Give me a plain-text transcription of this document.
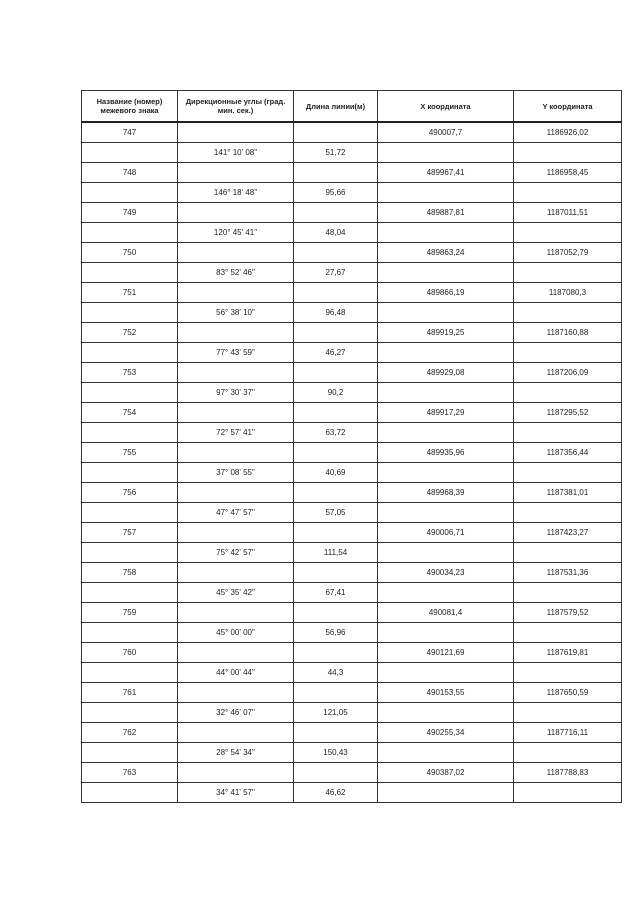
Название (номер) межевого знака	Дирекционные углы (град. мин. сек.)	Длина линии(м)	X координата	Y координата
747			490007,7	1186926,02
	141° 10' 08"	51,72		
748			489967,41	1186958,45
	146° 18' 48"	95,66		
749			489887,81	1187011,51
	120° 45' 41"	48,04		
750			489863,24	1187052,79
	83° 52' 46"	27,67		
751			489866,19	1187080,3
	56° 38' 10"	96,48		
752			489919,25	1187160,88
	77° 43' 59"	46,27		
753			489929,08	1187206,09
	97° 30' 37"	90,2		
754			489917,29	1187295,52
	72° 57' 41"	63,72		
755			489935,96	1187356,44
	37° 08' 55"	40,69		
756			489968,39	1187381,01
	47° 47' 57"	57,05		
757			490006,71	1187423,27
	75° 42' 57"	111,54		
758			490034,23	1187531,36
	45° 35' 42"	67,41		
759			490081,4	1187579,52
	45° 00' 00"	56,96		
760			490121,69	1187619,81
	44° 00' 44"	44,3		
761			490153,55	1187650,59
	32° 46' 07"	121,05		
762			490255,34	1187716,11
	28° 54' 34"	150,43		
763			490387,02	1187788,83
	34° 41' 57"	46,62		
